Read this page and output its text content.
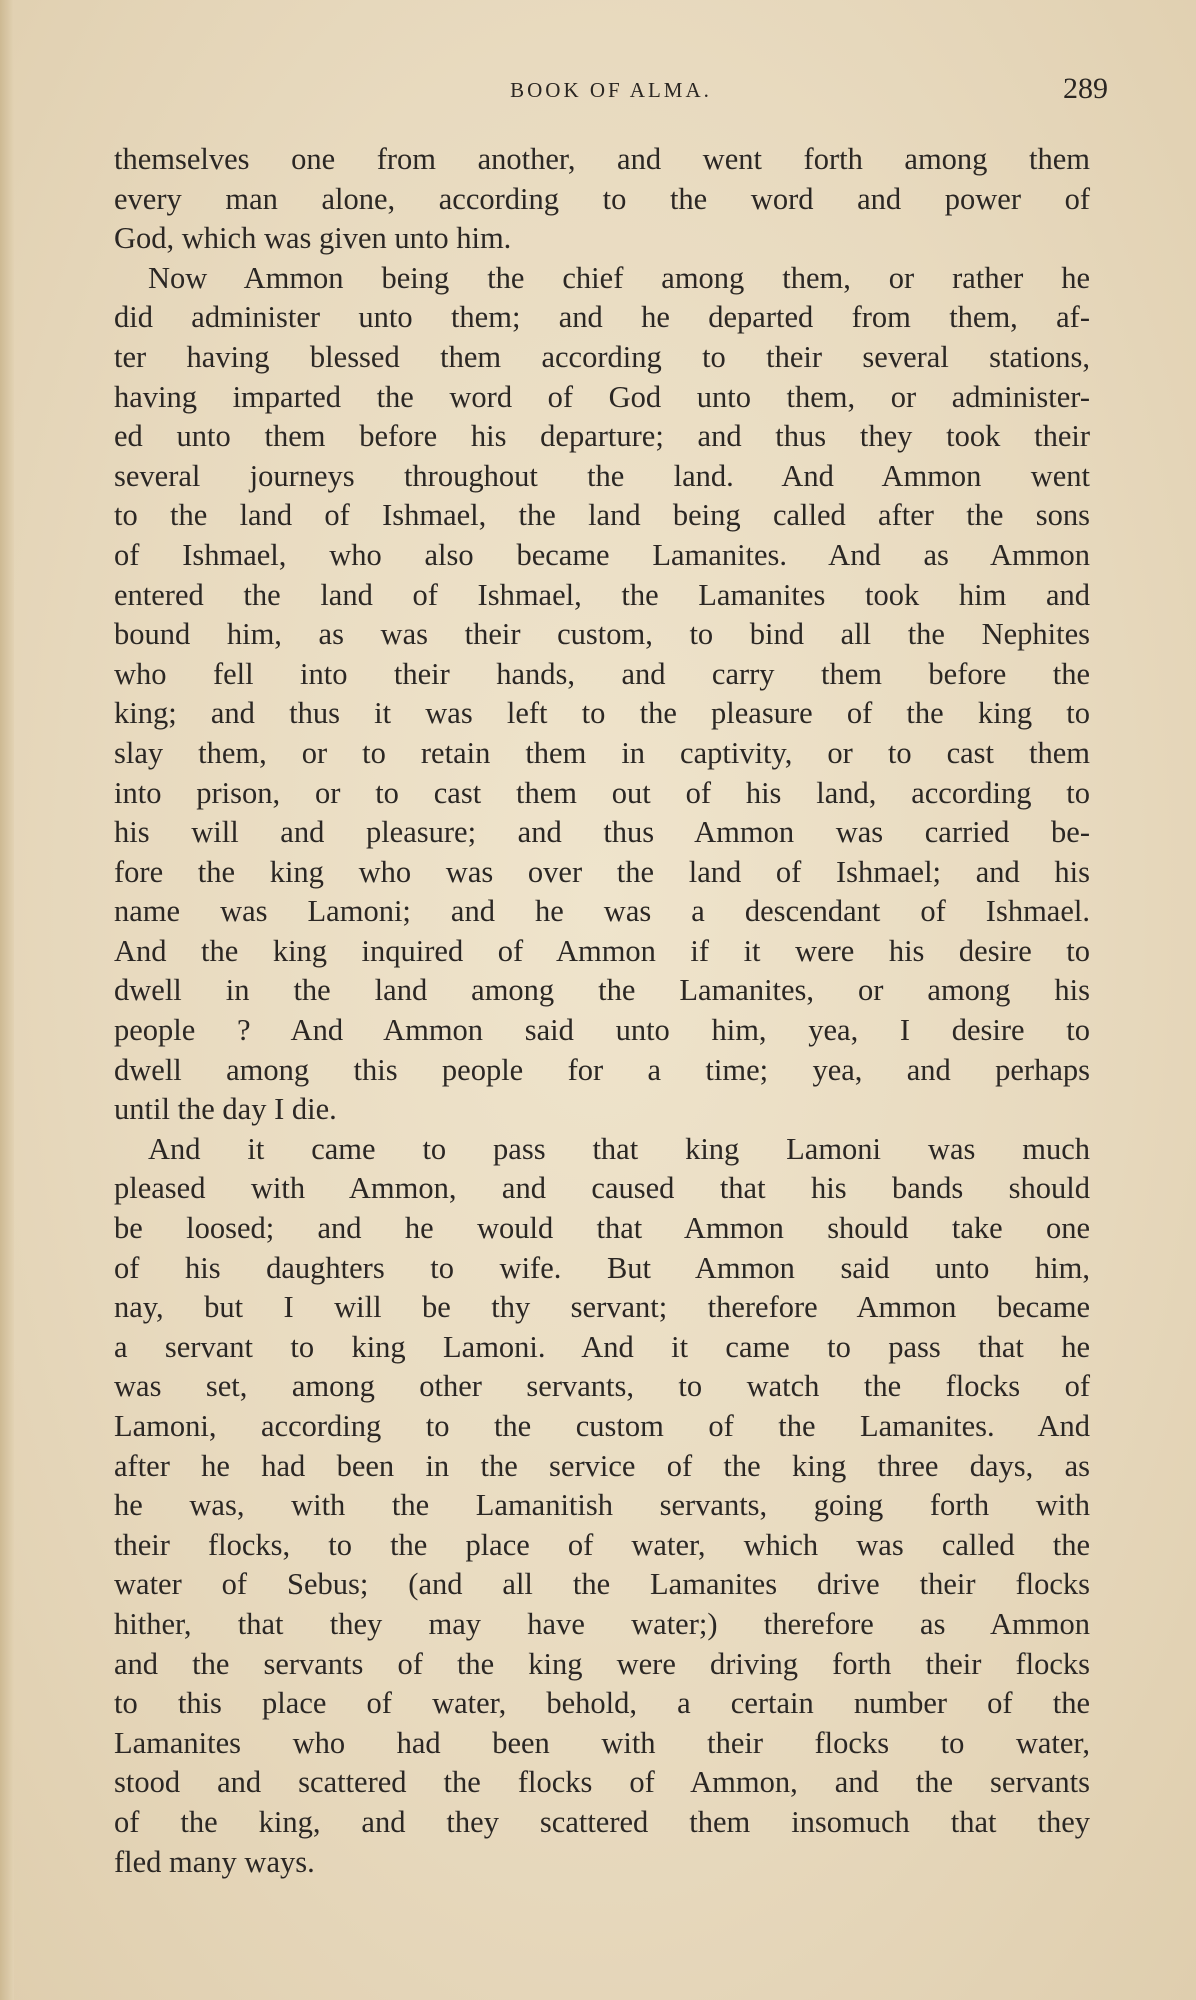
BOOK OF ALMA.	289
themselves one from another, and went forth among them
every man alone, according to the word and power of
God, which was given unto him.
Now Ammon being the chief among them, or rather he
did administer unto them; and he departed from them, af-
ter having blessed them according to their several stations,
having imparted the word of God unto them, or administer-
ed unto them before his departure; and thus they took their
several journeys throughout the land. And Ammon went
to the land of Ishmael, the land being called after the sons
of Ishmael, who also became Lamanites. And as Ammon
entered the land of Ishmael, the Lamanites took him and
bound him, as was their custom, to bind all the Nephites
who fell into their hands, and carry them before the
king; and thus it was left to the pleasure of the king to
slay them, or to retain them in captivity, or to cast them
into prison, or to cast them out of his land, according to
his will and pleasure; and thus Ammon was carried be-
fore the king who was over the land of Ishmael; and his
name was Lamoni; and he was a descendant of Ishmael.
And the king inquired of Ammon if it were his desire to
dwell in the land among the Lamanites, or among his
people ? And Ammon said unto him, yea, I desire to
dwell among this people for a time; yea, and perhaps
until the day I die.
And it came to pass that king Lamoni was much
pleased with Ammon, and caused that his bands should
be loosed; and he would that Ammon should take one
of his daughters to wife. But Ammon said unto him,
nay, but I will be thy servant; therefore Ammon became
a servant to king Lamoni. And it came to pass that he
was set, among other servants, to watch the flocks of
Lamoni, according to the custom of the Lamanites. And
after he had been in the service of the king three days, as
he was, with the Lamanitish servants, going forth with
their flocks, to the place of water, which was called the
water of Sebus; (and all the Lamanites drive their flocks
hither, that they may have water;) therefore as Ammon
and the servants of the king were driving forth their flocks
to this place of water, behold, a certain number of the
Lamanites who had been with their flocks to water,
stood and scattered the flocks of Ammon, and the servants
of the king, and they scattered them insomuch that they
fled many ways.
